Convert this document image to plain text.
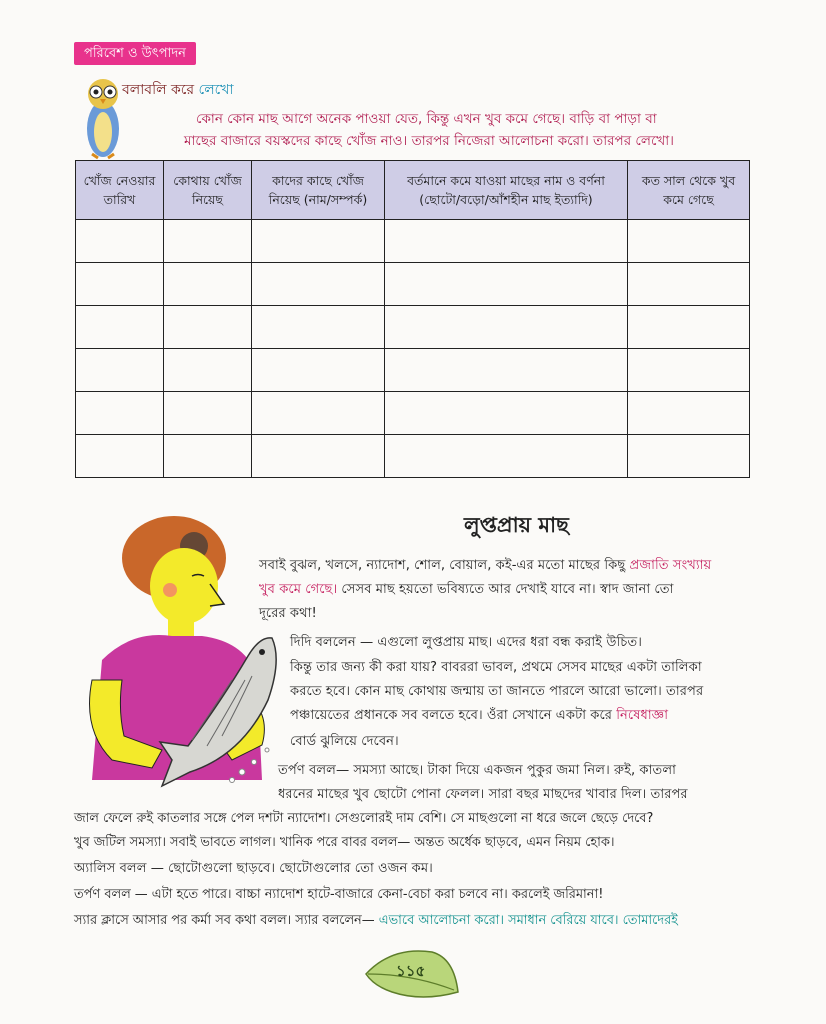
পরিবেশ ও উৎপাদন
বলাবলি করে লেখো

কোন কোন মাছ আগে অনেক পাওয়া যেত, কিন্তু এখন খুব কমে গেছে। বাড়ি বা পাড়া বা

মাছের বাজারে বয়স্কদের কাছে খোঁজ নাও। তারপর নিজেরা আলোচনা করো। তারপর লেখো।

খোঁজ নেওয়ার তারিখ	কোথায় খোঁজ নিয়েছ	কাদের কাছে খোঁজ নিয়েছ (নাম/সম্পর্ক)	বর্তমানে কমে যাওয়া মাছের নাম ও বর্ণনা (ছোটো/বড়ো/আঁশহীন মাছ ইত্যাদি)	কত সাল থেকে খুব কমে গেছে

লুপ্তপ্রায় মাছ

সবাই বুঝল, খলসে, ন্যাদোশ, শোল, বোয়াল, কই-এর মতো মাছের কিছু প্রজাতি সংখ্যায়

খুব কমে গেছে। সেসব মাছ হয়তো ভবিষ্যতে আর দেখাই যাবে না। স্বাদ জানা তো

দূরের কথা!

দিদি বললেন — এগুলো লুপ্তপ্রায় মাছ। এদের ধরা বন্ধ করাই উচিত।

কিন্তু তার জন্য কী করা যায়? বাবররা ভাবল, প্রথমে সেসব মাছের একটা তালিকা

করতে হবে। কোন মাছ কোথায় জন্মায় তা জানতে পারলে আরো ভালো। তারপর

পঞ্চায়েতের প্রধানকে সব বলতে হবে। ওঁরা সেখানে একটা করে নিষেধাজ্ঞা

বোর্ড ঝুলিয়ে দেবেন।

তর্পণ বলল— সমস্যা আছে। টাকা দিয়ে একজন পুকুর জমা নিল। রুই, কাতলা

ধরনের মাছের খুব ছোটো পোনা ফেলল। সারা বছর মাছদের খাবার দিল। তারপর

জাল ফেলে রুই কাতলার সঙ্গে পেল দশটা ন্যাদোশ। সেগুলোরই দাম বেশি। সে মাছগুলো না ধরে জলে ছেড়ে দেবে?

খুব জটিল সমস্যা। সবাই ভাবতে লাগল। খানিক পরে বাবর বলল— অন্তত অর্ধেক ছাড়বে, এমন নিয়ম হোক।

অ্যালিস বলল — ছোটোগুলো ছাড়বে। ছোটোগুলোর তো ওজন কম।

তর্পণ বলল — এটা হতে পারে। বাচ্চা ন্যাদোশ হাটে-বাজারে কেনা-বেচা করা চলবে না। করলেই জরিমানা!

স্যার ক্লাসে আসার পর কর্মা সব কথা বলল। স্যার বললেন— এভাবে আলোচনা করো। সমাধান বেরিয়ে যাবে। তোমাদেরই

১১৫
